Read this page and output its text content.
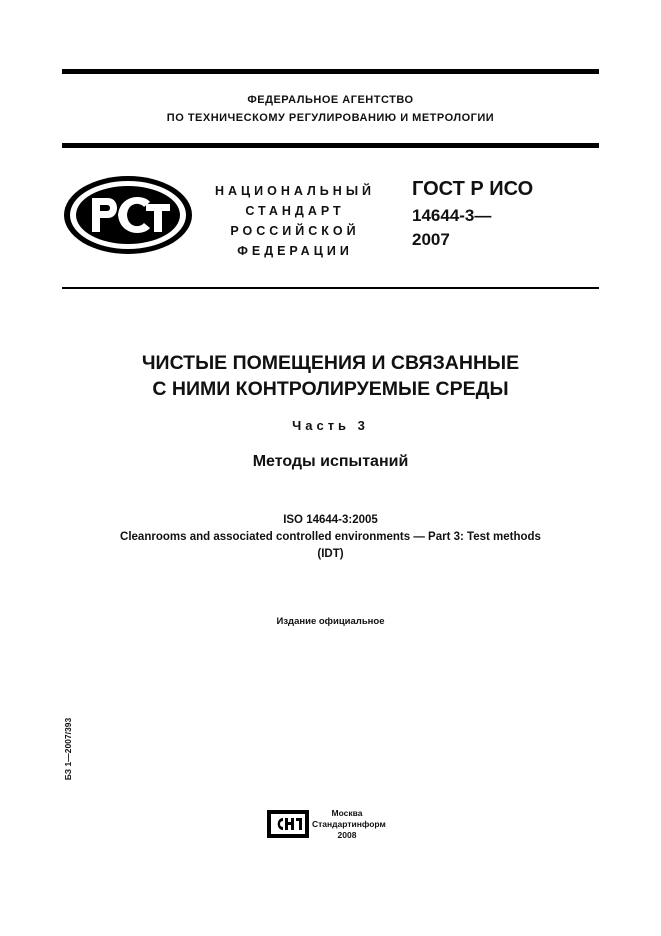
ФЕДЕРАЛЬНОЕ АГЕНТСТВО
ПО ТЕХНИЧЕСКОМУ РЕГУЛИРОВАНИЮ И МЕТРОЛОГИИ
НАЦИОНАЛЬНЫЙ
СТАНДАРТ
РОССИЙСКОЙ
ФЕДЕРАЦИИ
ГОСТ Р ИСО
14644-3—
2007
ЧИСТЫЕ ПОМЕЩЕНИЯ И СВЯЗАННЫЕ
С НИМИ КОНТРОЛИРУЕМЫЕ СРЕДЫ
Часть 3
Методы испытаний
ISO 14644-3:2005
Cleanrooms and associated controlled environments — Part 3: Test methods
(IDT)
Издание официальное
БЗ 1—2007/393
Москва
Стандартинформ
2008
